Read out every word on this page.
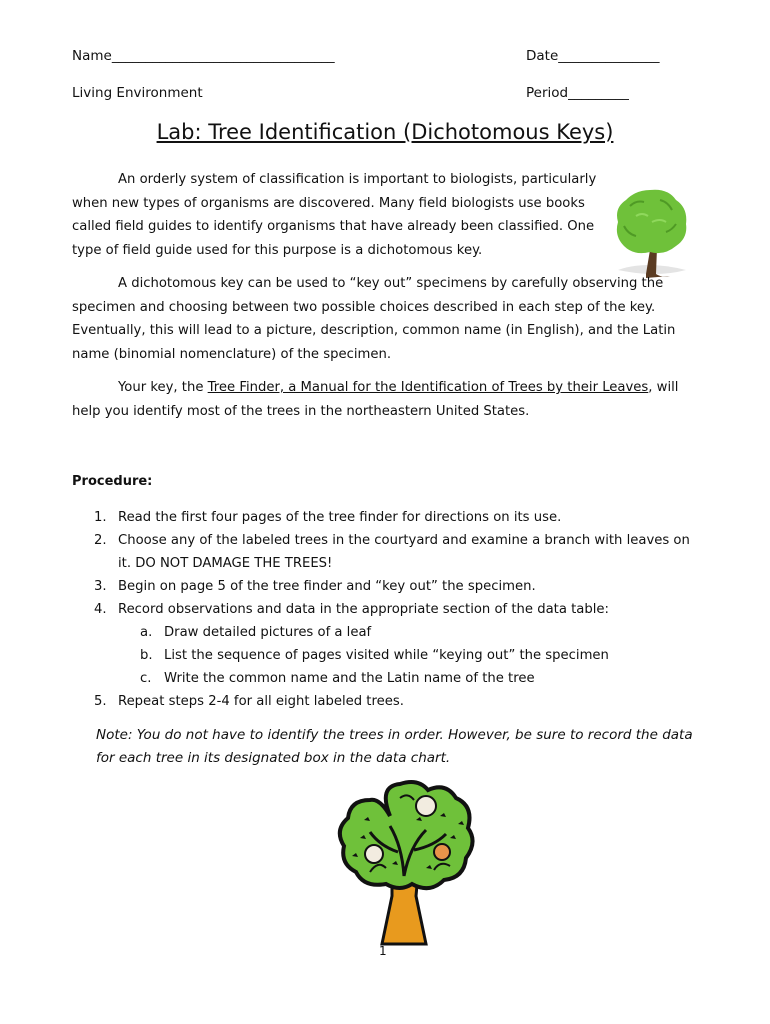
Name_________________________________	Date_______________
Living Environment	Period_________
Lab: Tree Identification (Dichotomous Keys)
An orderly system of classification is important to biologists, particularly when new types of organisms are discovered. Many field biologists use books called field guides to identify organisms that have already been classified. One type of field guide used for this purpose is a dichotomous key.
A dichotomous key can be used to “key out” specimens by carefully observing the specimen and choosing between two possible choices described in each step of the key. Eventually, this will lead to a picture, description, common name (in English), and the Latin name (binomial nomenclature) of the specimen.
Your key, the Tree Finder, a Manual for the Identification of Trees by their Leaves, will help you identify most of the trees in the northeastern United States.
Procedure:
1. Read the first four pages of the tree finder for directions on its use.
2. Choose any of the labeled trees in the courtyard and examine a branch with leaves on it. DO NOT DAMAGE THE TREES!
3. Begin on page 5 of the tree finder and “key out” the specimen.
4. Record observations and data in the appropriate section of the data table:
a. Draw detailed pictures of a leaf
b. List the sequence of pages visited while “keying out” the specimen
c. Write the common name and the Latin name of the tree
5. Repeat steps 2-4 for all eight labeled trees.
Note: You do not have to identify the trees in order. However, be sure to record the data for each tree in its designated box in the data chart.
1
